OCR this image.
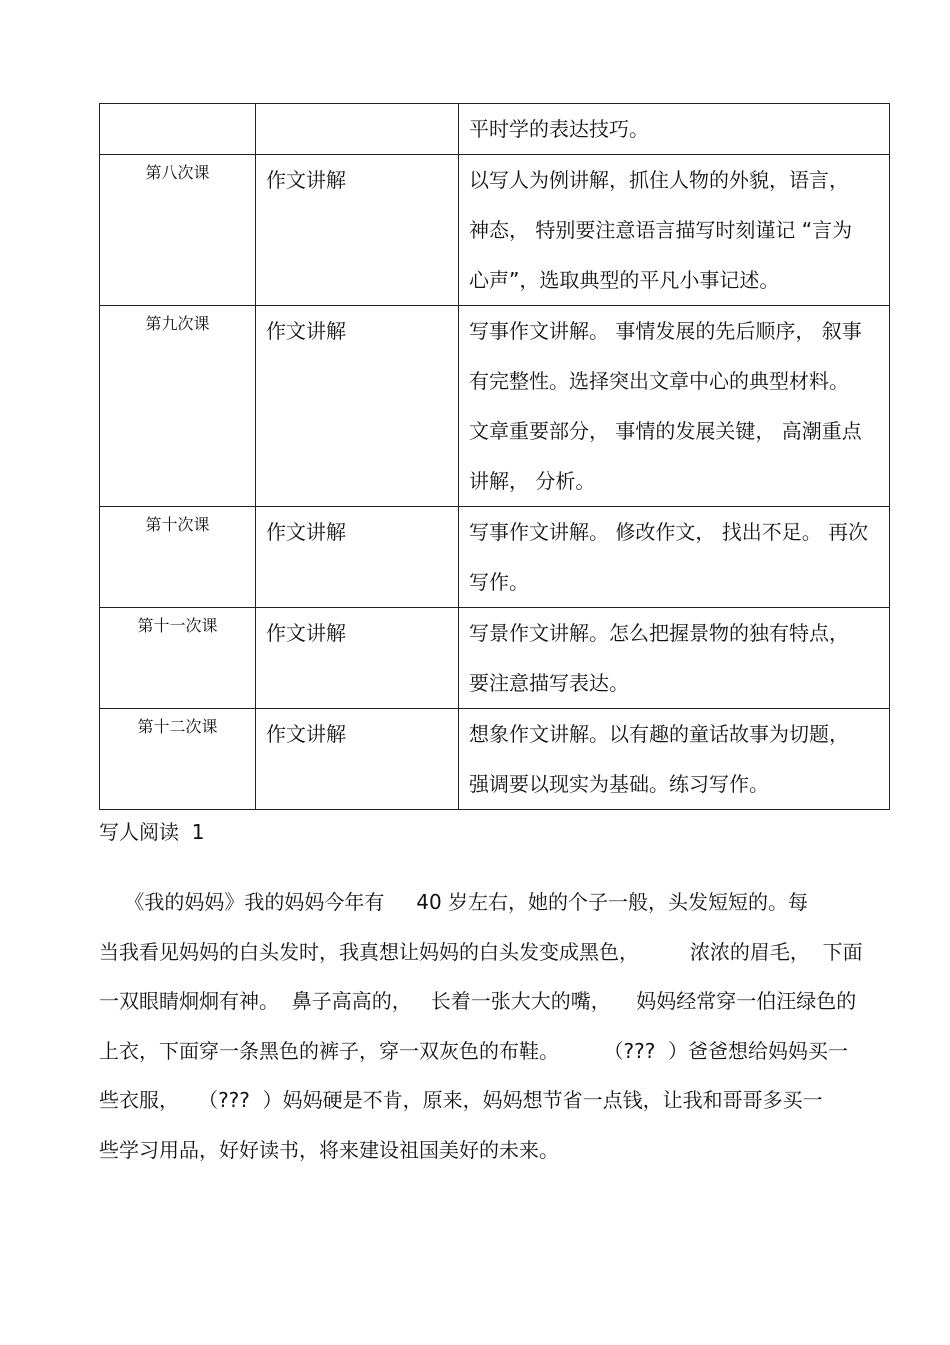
		平时学的表达技巧。

第八次课	作文讲解	以写人为例讲解，抓住人物的外貌，语言，
神态， 特别要注意语言描写时刻谨记 “言为
心声”，选取典型的平凡小事记述。

第九次课	作文讲解	写事作文讲解。 事情发展的先后顺序， 叙事
有完整性。选择突出文章中心的典型材料。
文章重要部分， 事情的发展关键， 高潮重点
讲解， 分析。

第十次课	作文讲解	写事作文讲解。 修改作文， 找出不足。 再次
写作。

第十一次课	作文讲解	写景作文讲解。怎么把握景物的独有特点，
要注意描写表达。

第十二次课	作文讲解	想象作文讲解。以有趣的童话故事为切题，
强调要以现实为基础。练习写作。
写人阅读  1
《我的妈妈》我的妈妈今年有     40 岁左右，她的个子一般，头发短短的。每
当我看见妈妈的白头发时，我真想让妈妈的白头发变成黑色，        浓浓的眉毛，  下面
一双眼睛炯炯有神。  鼻子高高的，   长着一张大大的嘴，    妈妈经常穿一伯汪绿色的
上衣，下面穿一条黑色的裤子，穿一双灰色的布鞋。       （???  ）爸爸想给妈妈买一
些衣服，   （???  ）妈妈硬是不肯，原来，妈妈想节省一点钱，让我和哥哥多买一
些学习用品，好好读书，将来建设祖国美好的未来。
